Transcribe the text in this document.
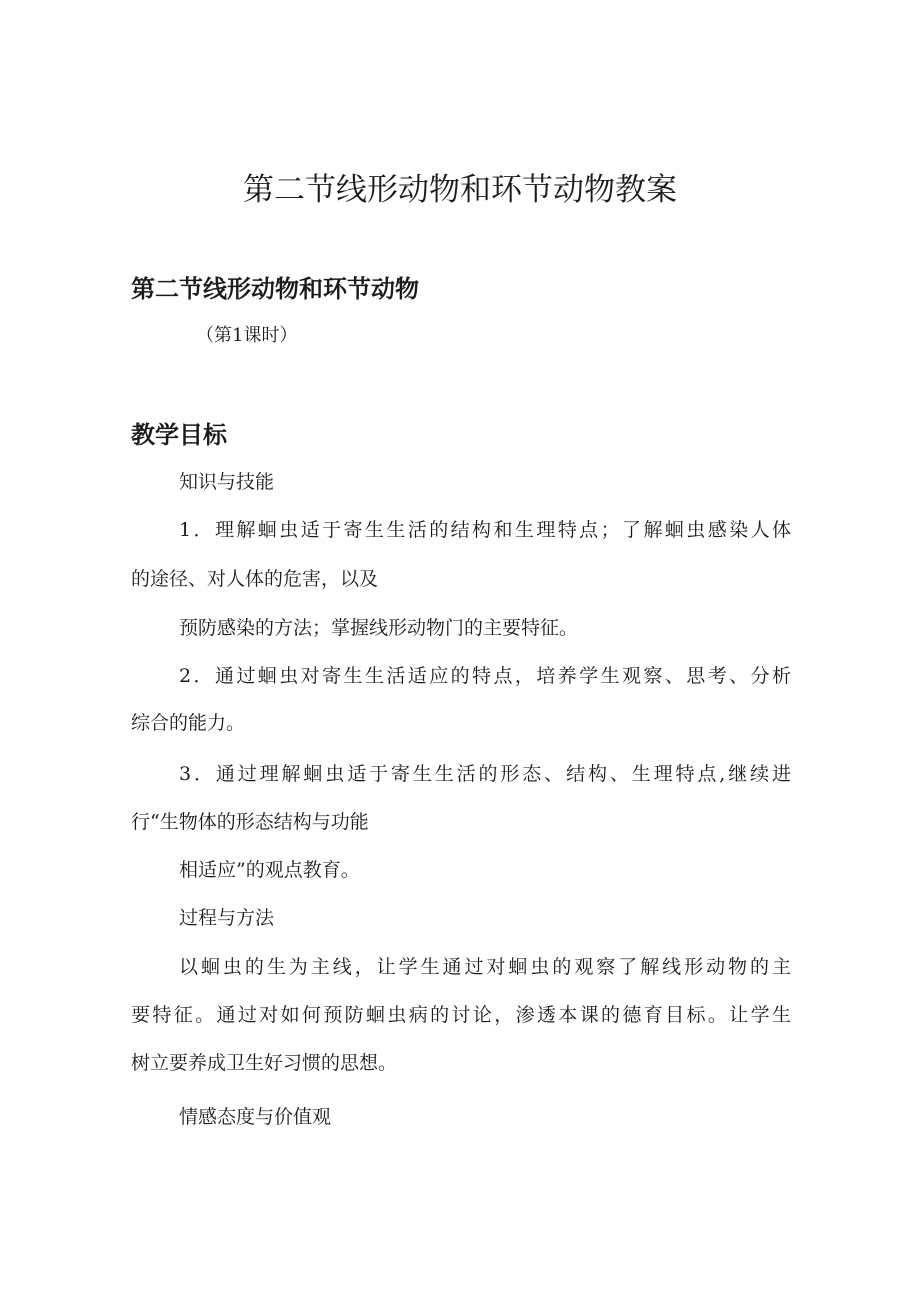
第二节线形动物和环节动物教案
第二节线形动物和环节动物
（第1课时）
教学目标
知识与技能
1．理解蛔虫适于寄生生活的结构和生理特点；了解蛔虫感染人体
的途径、对人体的危害，以及
预防感染的方法；掌握线形动物门的主要特征。
2．通过蛔虫对寄生生活适应的特点，培养学生观察、思考、分析
综合的能力。
3．通过理解蛔虫适于寄生生活的形态、结构、生理特点,继续进
行“生物体的形态结构与功能
相适应”的观点教育。
过程与方法
以蛔虫的生为主线，让学生通过对蛔虫的观察了解线形动物的主
要特征。通过对如何预防蛔虫病的讨论，渗透本课的德育目标。让学生
树立要养成卫生好习惯的思想。
情感态度与价值观
